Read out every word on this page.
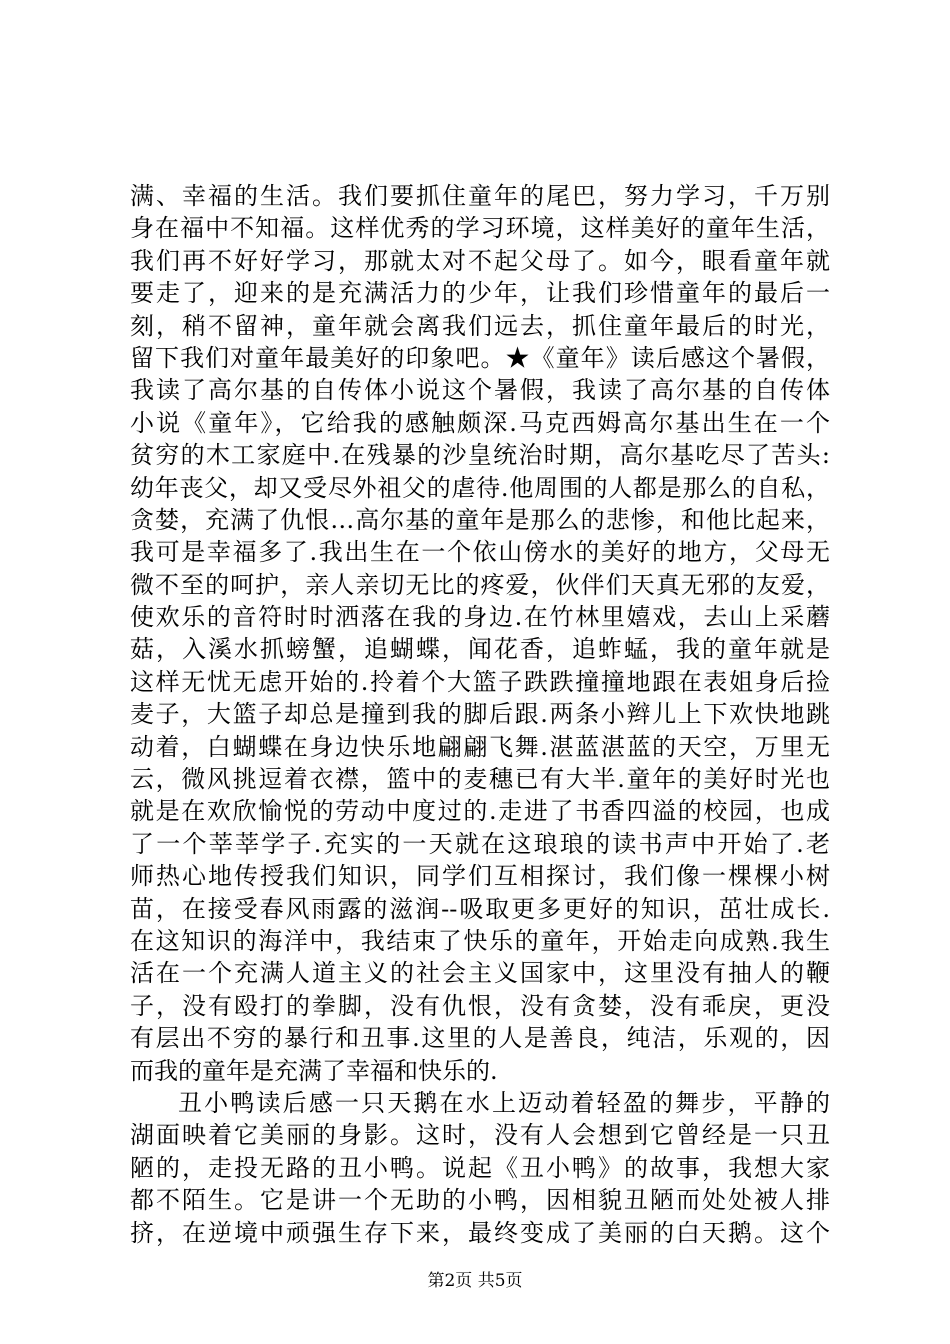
满、幸福的生活。我们要抓住童年的尾巴，努力学习，千万别
身在福中不知福。这样优秀的学习环境，这样美好的童年生活，
我们再不好好学习，那就太对不起父母了。如今，眼看童年就
要走了，迎来的是充满活力的少年，让我们珍惜童年的最后一
刻，稍不留神，童年就会离我们远去，抓住童年最后的时光，
留下我们对童年最美好的印象吧。★《童年》读后感这个暑假，
我读了高尔基的自传体小说这个暑假，我读了高尔基的自传体
小说《童年》，它给我的感触颇深.马克西姆高尔基出生在一个
贫穷的木工家庭中.在残暴的沙皇统治时期，高尔基吃尽了苦头:
幼年丧父，却又受尽外祖父的虐待.他周围的人都是那么的自私，
贪婪，充满了仇恨…高尔基的童年是那么的悲惨，和他比起来，
我可是幸福多了.我出生在一个依山傍水的美好的地方，父母无
微不至的呵护，亲人亲切无比的疼爱，伙伴们天真无邪的友爱，
使欢乐的音符时时洒落在我的身边.在竹林里嬉戏，去山上采蘑
菇，入溪水抓螃蟹，追蝴蝶，闻花香，追蚱蜢，我的童年就是
这样无忧无虑开始的.拎着个大篮子跌跌撞撞地跟在表姐身后捡
麦子，大篮子却总是撞到我的脚后跟.两条小辫儿上下欢快地跳
动着，白蝴蝶在身边快乐地翩翩飞舞.湛蓝湛蓝的天空，万里无
云，微风挑逗着衣襟，篮中的麦穗已有大半.童年的美好时光也
就是在欢欣愉悦的劳动中度过的.走进了书香四溢的校园，也成
了一个莘莘学子.充实的一天就在这琅琅的读书声中开始了.老
师热心地传授我们知识，同学们互相探讨，我们像一棵棵小树
苗，在接受春风雨露的滋润--吸取更多更好的知识，茁壮成长.
在这知识的海洋中，我结束了快乐的童年，开始走向成熟.我生
活在一个充满人道主义的社会主义国家中，这里没有抽人的鞭
子，没有殴打的拳脚，没有仇恨，没有贪婪，没有乖戾，更没
有层出不穷的暴行和丑事.这里的人是善良，纯洁，乐观的，因
而我的童年是充满了幸福和快乐的.
丑小鸭读后感一只天鹅在水上迈动着轻盈的舞步，平静的
湖面映着它美丽的身影。这时，没有人会想到它曾经是一只丑
陋的，走投无路的丑小鸭。说起《丑小鸭》的故事，我想大家
都不陌生。它是讲一个无助的小鸭，因相貌丑陋而处处被人排
挤，在逆境中顽强生存下来，最终变成了美丽的白天鹅。这个
第2页 共5页
